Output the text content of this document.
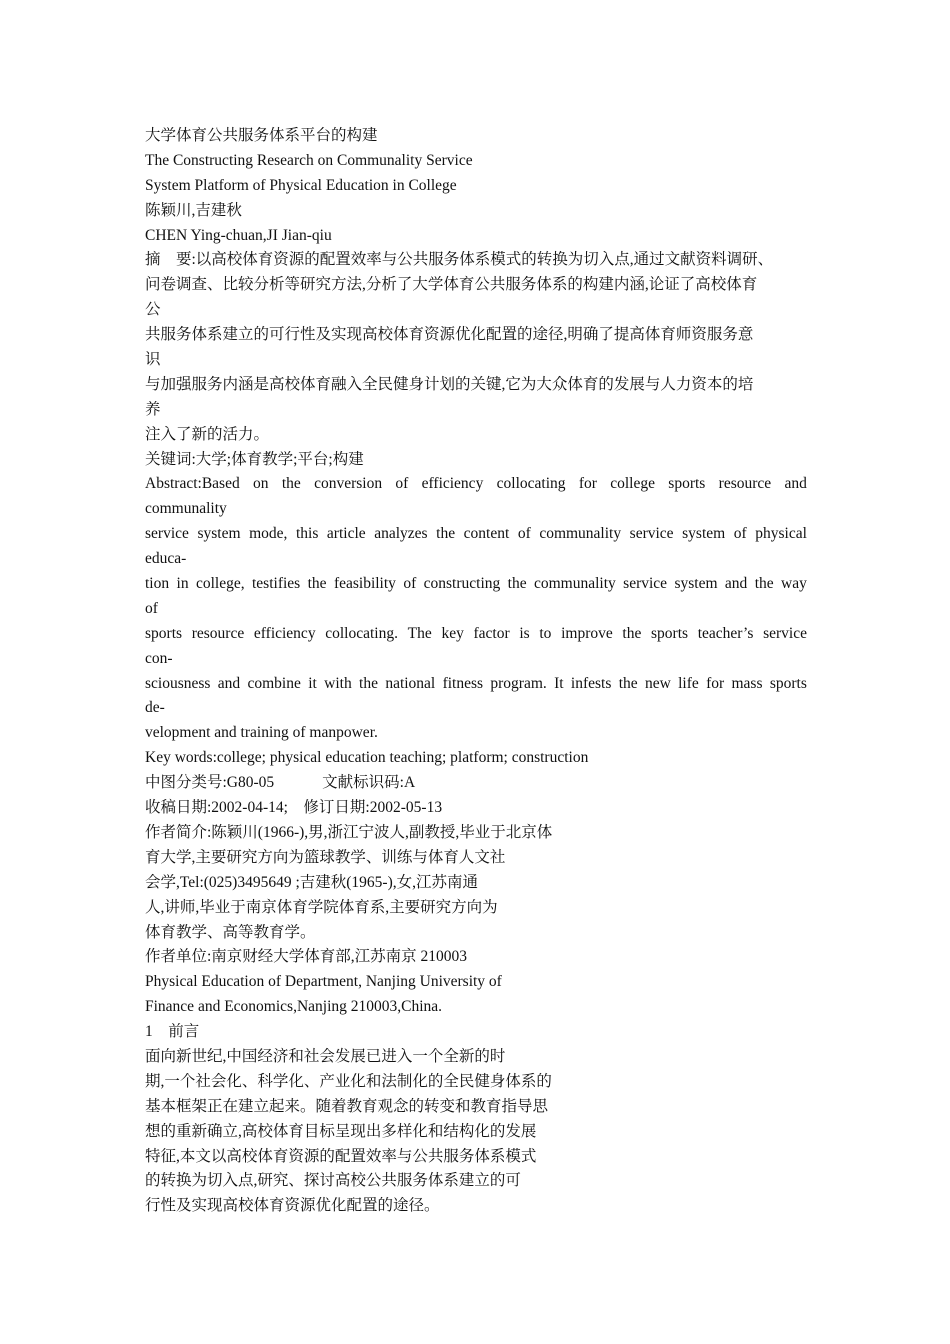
大学体育公共服务体系平台的构建
The Constructing Research on Communality Service
System Platform of Physical Education in College
陈颖川,吉建秋
CHEN Ying-chuan,JI Jian-qiu
摘　要:以高校体育资源的配置效率与公共服务体系模式的转换为切入点,通过文献资料调研、
问卷调查、比较分析等研究方法,分析了大学体育公共服务体系的构建内涵,论证了高校体育
公
共服务体系建立的可行性及实现高校体育资源优化配置的途径,明确了提高体育师资服务意
识
与加强服务内涵是高校体育融入全民健身计划的关键,它为大众体育的发展与人力资本的培
养
注入了新的活力。
关键词:大学;体育教学;平台;构建
Abstract:Based on the conversion of efficiency collocating for college sports resource and
communality
service system mode, this article analyzes the content of communality service system of physical
educa-
tion in college, testifies the feasibility of constructing the communality service system and the way
of
sports resource efficiency collocating. The key factor is to improve the sports teacher’s service
con-
sciousness and combine it with the national fitness program. It infests the new life for mass sports
de-
velopment and training of manpower.
Key words:college; physical education teaching; platform; construction
中图分类号:G80-05	文献标识码:A
收稿日期:2002-04-14;　修订日期:2002-05-13
作者简介:陈颖川(1966-),男,浙江宁波人,副教授,毕业于北京体
育大学,主要研究方向为篮球教学、训练与体育人文社
会学,Tel:(025)3495649 ;吉建秋(1965-),女,江苏南通
人,讲师,毕业于南京体育学院体育系,主要研究方向为
体育教学、高等教育学。
作者单位:南京财经大学体育部,江苏南京 210003
Physical Education of Department, Nanjing University of
Finance and Economics,Nanjing 210003,China.
1　前言
面向新世纪,中国经济和社会发展已进入一个全新的时
期,一个社会化、科学化、产业化和法制化的全民健身体系的
基本框架正在建立起来。随着教育观念的转变和教育指导思
想的重新确立,高校体育目标呈现出多样化和结构化的发展
特征,本文以高校体育资源的配置效率与公共服务体系模式
的转换为切入点,研究、探讨高校公共服务体系建立的可
行性及实现高校体育资源优化配置的途径。
